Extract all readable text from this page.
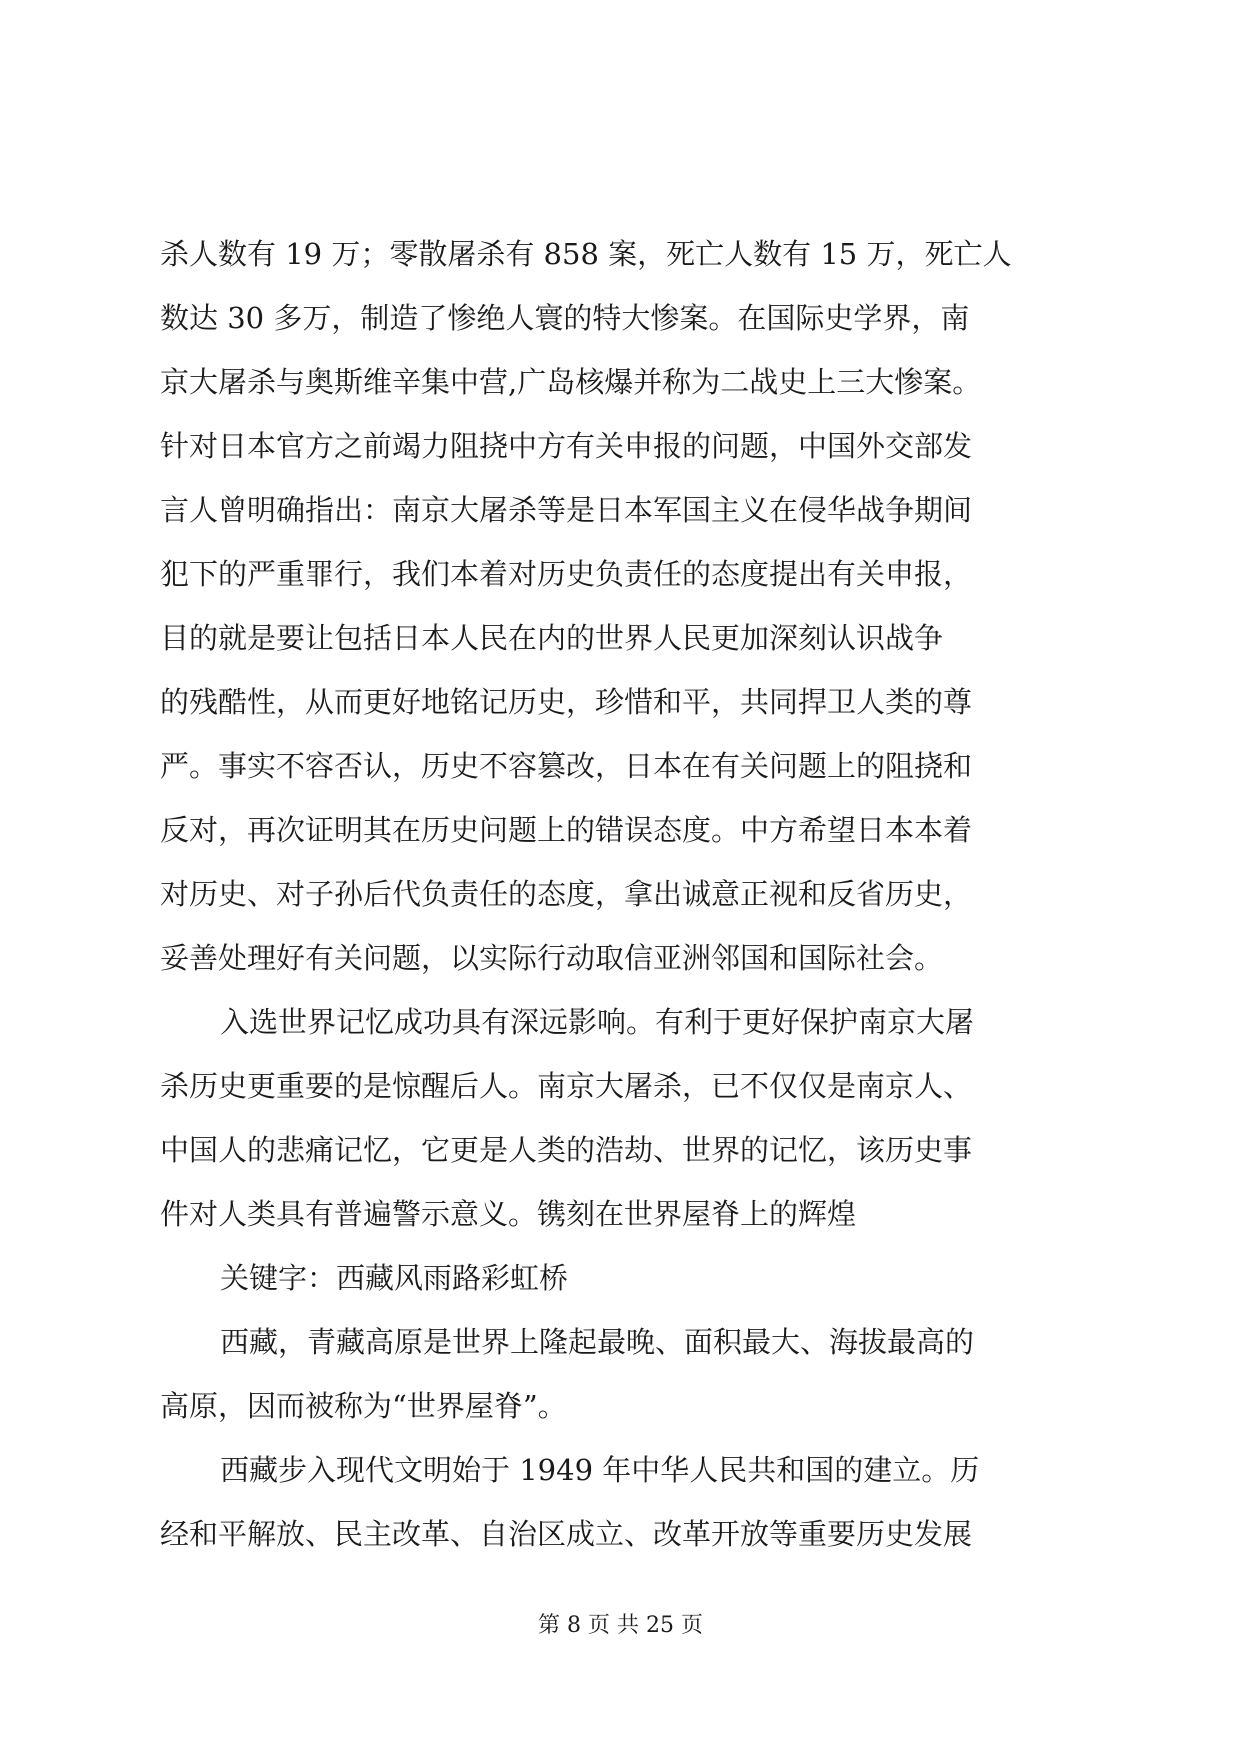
杀人数有 19 万；零散屠杀有 858 案，死亡人数有 15 万，死亡人
数达 30 多万，制造了惨绝人寰的特大惨案。在国际史学界，南
京大屠杀与奥斯维辛集中营,广岛核爆并称为二战史上三大惨案。
针对日本官方之前竭力阻挠中方有关申报的问题，中国外交部发
言人曾明确指出：南京大屠杀等是日本军国主义在侵华战争期间
犯下的严重罪行，我们本着对历史负责任的态度提出有关申报，
目的就是要让包括日本人民在内的世界人民更加深刻认识战争
的残酷性，从而更好地铭记历史，珍惜和平，共同捍卫人类的尊
严。事实不容否认，历史不容篡改，日本在有关问题上的阻挠和
反对，再次证明其在历史问题上的错误态度。中方希望日本本着
对历史、对子孙后代负责任的态度，拿出诚意正视和反省历史，
妥善处理好有关问题，以实际行动取信亚洲邻国和国际社会。
入选世界记忆成功具有深远影响。有利于更好保护南京大屠
杀历史更重要的是惊醒后人。南京大屠杀，已不仅仅是南京人、
中国人的悲痛记忆，它更是人类的浩劫、世界的记忆，该历史事
件对人类具有普遍警示意义。镌刻在世界屋脊上的辉煌
关键字：西藏风雨路彩虹桥
西藏，青藏高原是世界上隆起最晚、面积最大、海拔最高的
高原，因而被称为“世界屋脊”。
西藏步入现代文明始于 1949 年中华人民共和国的建立。历
经和平解放、民主改革、自治区成立、改革开放等重要历史发展
第 8 页 共 25 页
